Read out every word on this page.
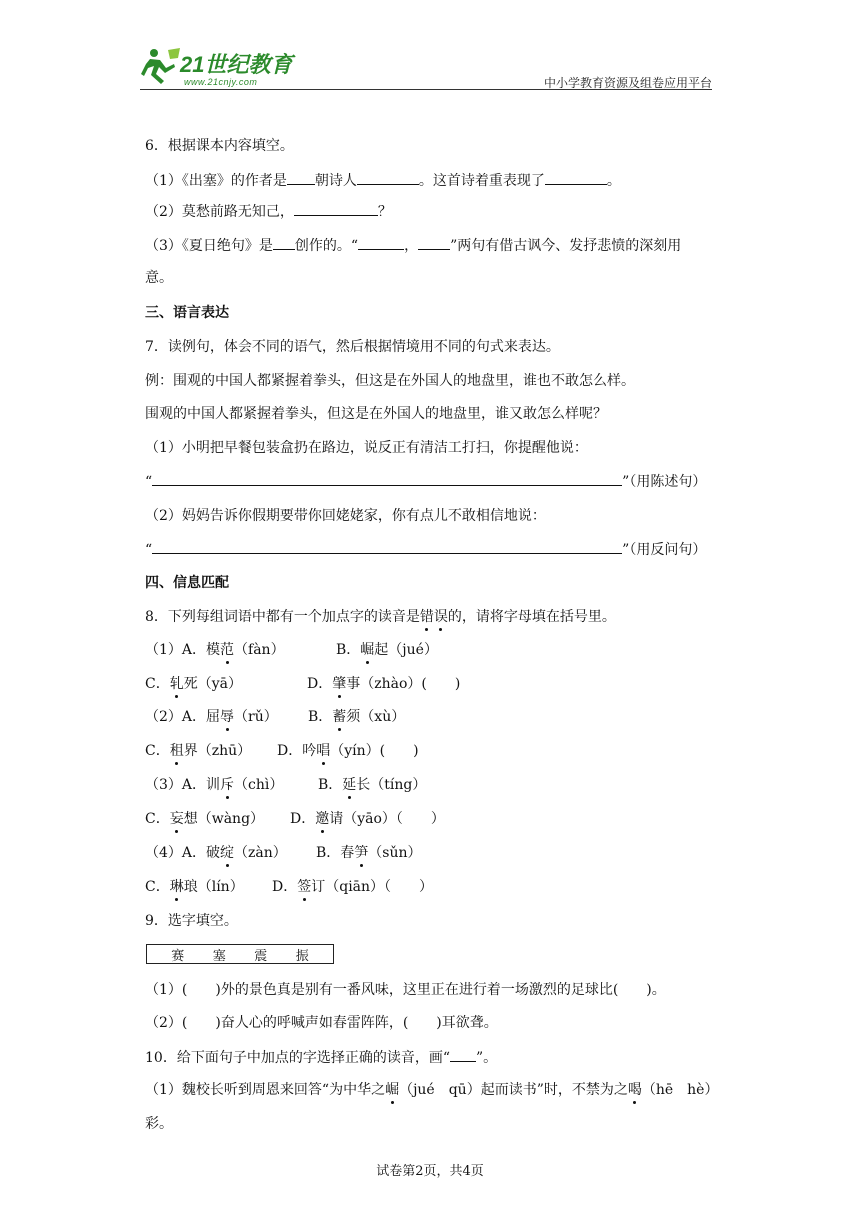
21世纪教育
www.21cnjy.com	中小学教育资源及组卷应用平台
6．根据课本内容填空。
（1）《出塞》的作者是 朝诗人	。这首诗着重表现了	。
（2）莫愁前路无知己，	？
（3）《夏日绝句》是 创作的。“	， ”两句有借古讽今、发抒悲愤的深刻用
意。
三、语言表达
7．读例句，体会不同的语气，然后根据情境用不同的句式来表达。
例：围观的中国人都紧握着拳头，但这是在外国人的地盘里，谁也不敢怎么样。
围观的中国人都紧握着拳头，但这是在外国人的地盘里，谁又敢怎么样呢？
（1）小明把早餐包装盒扔在路边，说反正有清洁工打扫，你提醒他说：
“	”（用陈述句）
（2）妈妈告诉你假期要带你回姥姥家，你有点儿不敢相信地说：
“	”（用反问句）
四、信息匹配
8．下列每组词语中都有一个加点字的读音是错误的，请将字母填在括号里。
（1）A．模范（fàn）	B．崛起（jué）
C．轧死（yā）	D．肇事（zhào）(　　)
（2）A．屈辱（rǔ） B．蓄须（xù）
C．租界（zhū） D．吟唱（yín）(　　)
（3）A．训斥（chì） B．延长（tíng）
C．妄想（wàng） D．邀请（yāo）（　　）
（4）A．破绽（zàn） B．春笋（sǔn）
C．琳琅（lín） D．签订（qiān）（　　）
9．选字填空。
赛 塞 震 振
（1）(　　)外的景色真是别有一番风味，这里正在进行着一场激烈的足球比(　　)。
（2）(　　)奋人心的呼喊声如春雷阵阵，(　　)耳欲聋。
10．给下面句子中加点的字选择正确的读音，画“ ”。
（1）魏校长听到周恩来回答“为中华之崛（jué　qū）起而读书”时，不禁为之喝（hē　hè）
彩。
试卷第2页，共4页
